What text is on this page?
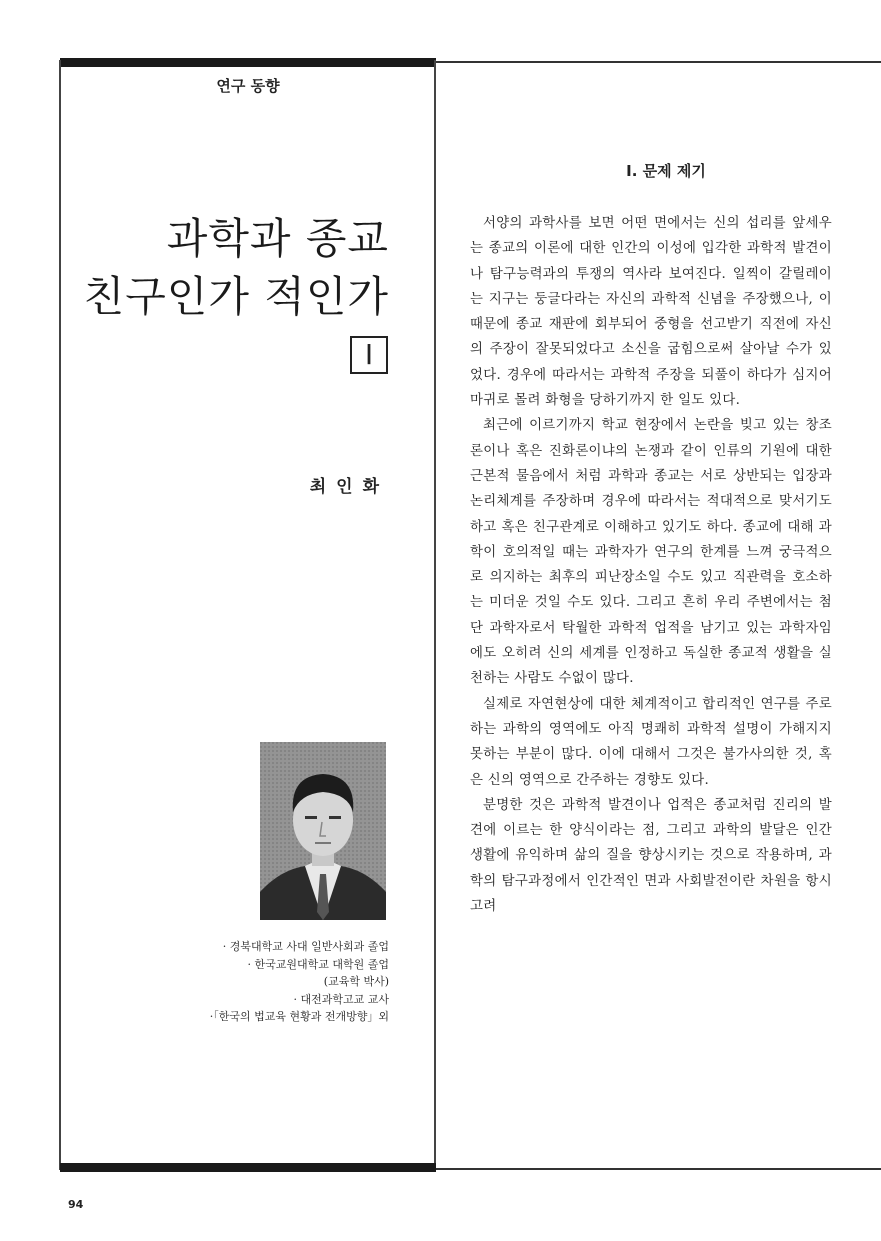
연구 동향
과학과 종교
친구인가 적인가
Ⅰ
최인화
· 경북대학교 사대 일반사회과 졸업
· 한국교원대학교 대학원 졸업
(교육학 박사)
· 대전과학고교 교사
·「한국의 법교육 현황과 전개방향」외
Ⅰ. 문제 제기

서양의 과학사를 보면 어떤 면에서는 신의 섭리를 앞세우는 종교의 이론에 대한 인간의 이성에 입각한 과학적 발견이나 탐구능력과의 투쟁의 역사라 보여진다. 일찍이 갈릴레이는 지구는 둥글다라는 자신의 과학적 신념을 주장했으나, 이 때문에 종교 재판에 회부되어 중형을 선고받기 직전에 자신의 주장이 잘못되었다고 소신을 굽힘으로써 살아날 수가 있었다. 경우에 따라서는 과학적 주장을 되풀이 하다가 심지어 마귀로 몰려 화형을 당하기까지 한 일도 있다.

최근에 이르기까지 학교 현장에서 논란을 빚고 있는 창조론이나 혹은 진화론이냐의 논쟁과 같이 인류의 기원에 대한 근본적 물음에서 처럼 과학과 종교는 서로 상반되는 입장과 논리체계를 주장하며 경우에 따라서는 적대적으로 맞서기도 하고 혹은 친구관계로 이해하고 있기도 하다. 종교에 대해 과학이 호의적일 때는 과학자가 연구의 한계를 느껴 궁극적으로 의지하는 최후의 피난장소일 수도 있고 직관력을 호소하는 미더운 것일 수도 있다. 그리고 흔히 우리 주변에서는 첨단 과학자로서 탁월한 과학적 업적을 남기고 있는 과학자임에도 오히려 신의 세계를 인정하고 독실한 종교적 생활을 실천하는 사람도 수없이 많다.

실제로 자연현상에 대한 체계적이고 합리적인 연구를 주로 하는 과학의 영역에도 아직 명쾌히 과학적 설명이 가해지지 못하는 부분이 많다. 이에 대해서 그것은 불가사의한 것, 혹은 신의 영역으로 간주하는 경향도 있다.

분명한 것은 과학적 발견이나 업적은 종교처럼 진리의 발견에 이르는 한 양식이라는 점, 그리고 과학의 발달은 인간 생활에 유익하며 삶의 질을 향상시키는 것으로 작용하며, 과학의 탐구과정에서 인간적인 면과 사회발전이란 차원을 항시 고려

94
